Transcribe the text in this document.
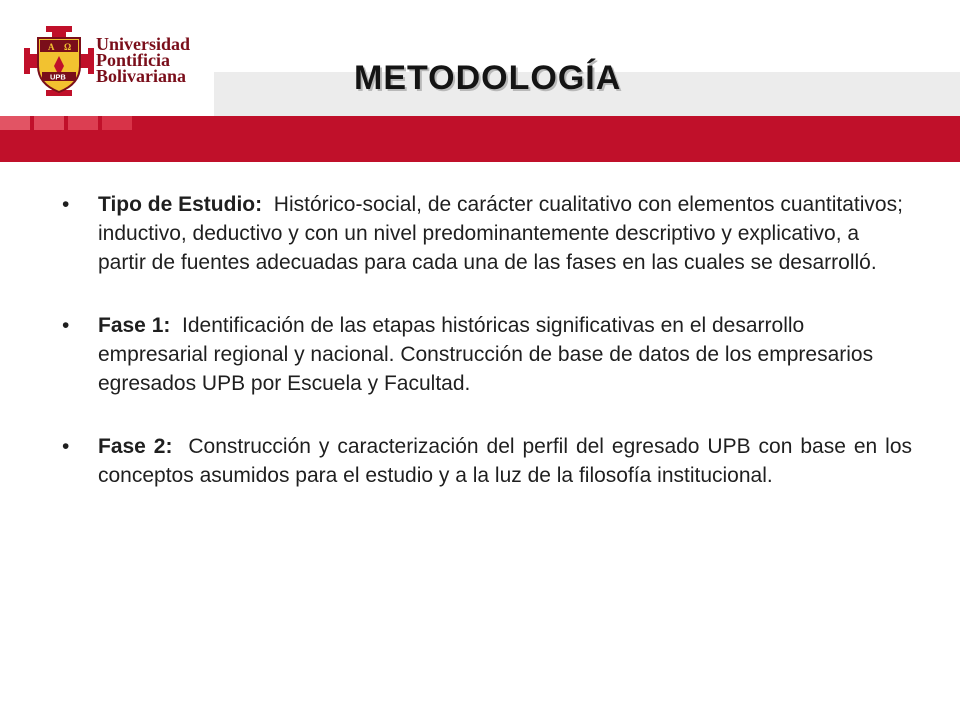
A Ω
UPB
Universidad
Pontificia
Bolivariana	METODOLOGÍA
• Tipo de Estudio:  Histórico-social, de carácter cualitativo con elementos cuantitativos; inductivo, deductivo y con un nivel predominantemente descriptivo y explicativo, a partir de fuentes adecuadas para cada una de las fases en las cuales se desarrolló.
• Fase 1:  Identificación de las etapas históricas significativas en el desarrollo empresarial regional y nacional. Construcción de base de datos de los empresarios egresados UPB por Escuela y Facultad.
• Fase 2:  Construcción y caracterización del perfil del egresado UPB con base en los conceptos asumidos para el estudio y a la luz de la filosofía institucional.
